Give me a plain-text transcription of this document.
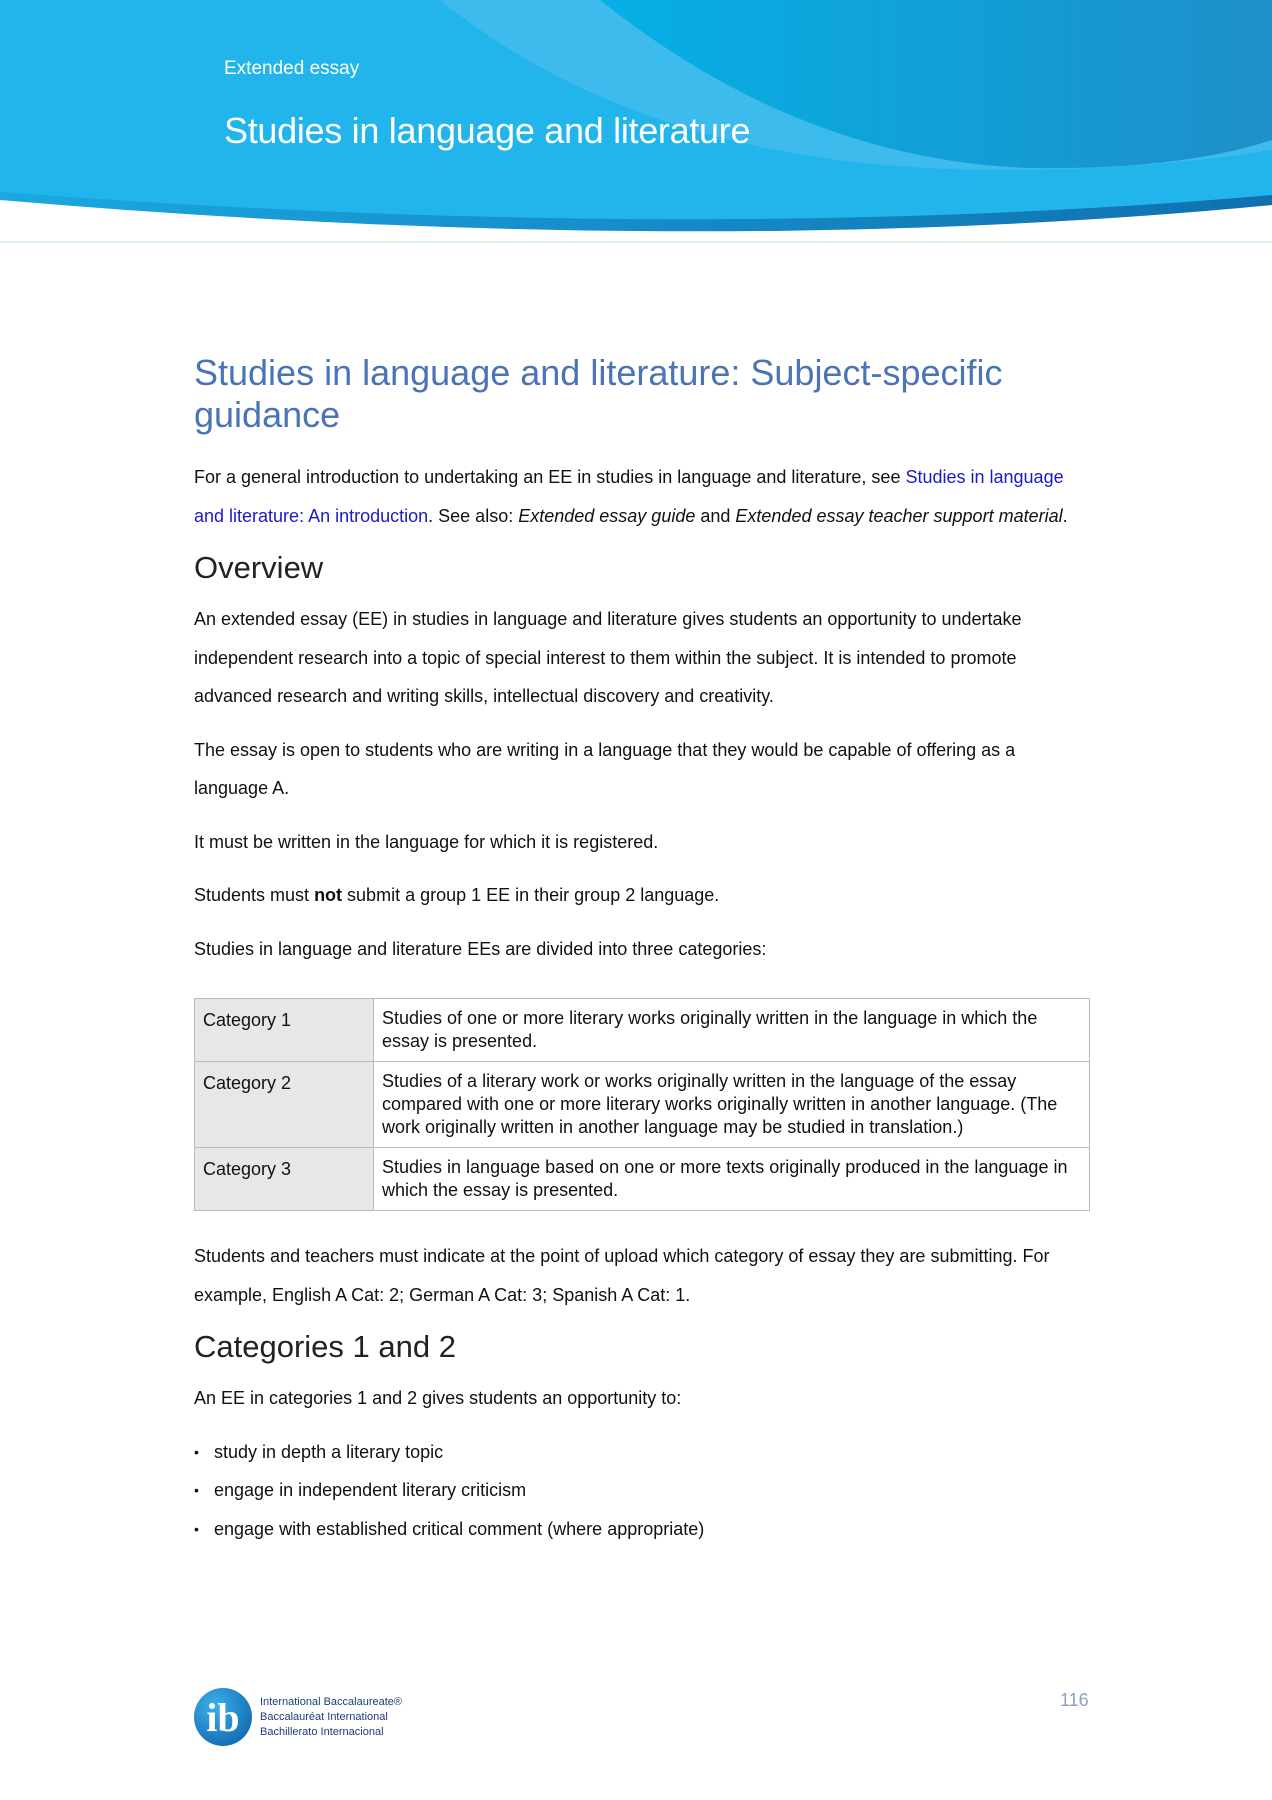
Extended essay
Studies in language and literature
Studies in language and literature: Subject-specific guidance

For a general introduction to undertaking an EE in studies in language and literature, see Studies in language and literature: An introduction. See also: Extended essay guide and Extended essay teacher support material.

Overview

An extended essay (EE) in studies in language and literature gives students an opportunity to undertake independent research into a topic of special interest to them within the subject. It is intended to promote advanced research and writing skills, intellectual discovery and creativity.

The essay is open to students who are writing in a language that they would be capable of offering as a language A.

It must be written in the language for which it is registered.

Students must not submit a group 1 EE in their group 2 language.

Studies in language and literature EEs are divided into three categories:

Category 1	Studies of one or more literary works originally written in the language in which the essay is presented.
Category 2	Studies of a literary work or works originally written in the language of the essay compared with one or more literary works originally written in another language. (The work originally written in another language may be studied in translation.)
Category 3	Studies in language based on one or more texts originally produced in the language in which the essay is presented.

Students and teachers must indicate at the point of upload which category of essay they are submitting. For example, English A Cat: 2; German A Cat: 3; Spanish A Cat: 1.

Categories 1 and 2

An EE in categories 1 and 2 gives students an opportunity to:

• study in depth a literary topic
• engage in independent literary criticism
• engage with established critical comment (where appropriate)
ib	International Baccalaureate®
Baccalauréat International
Bachillerato Internacional
116
